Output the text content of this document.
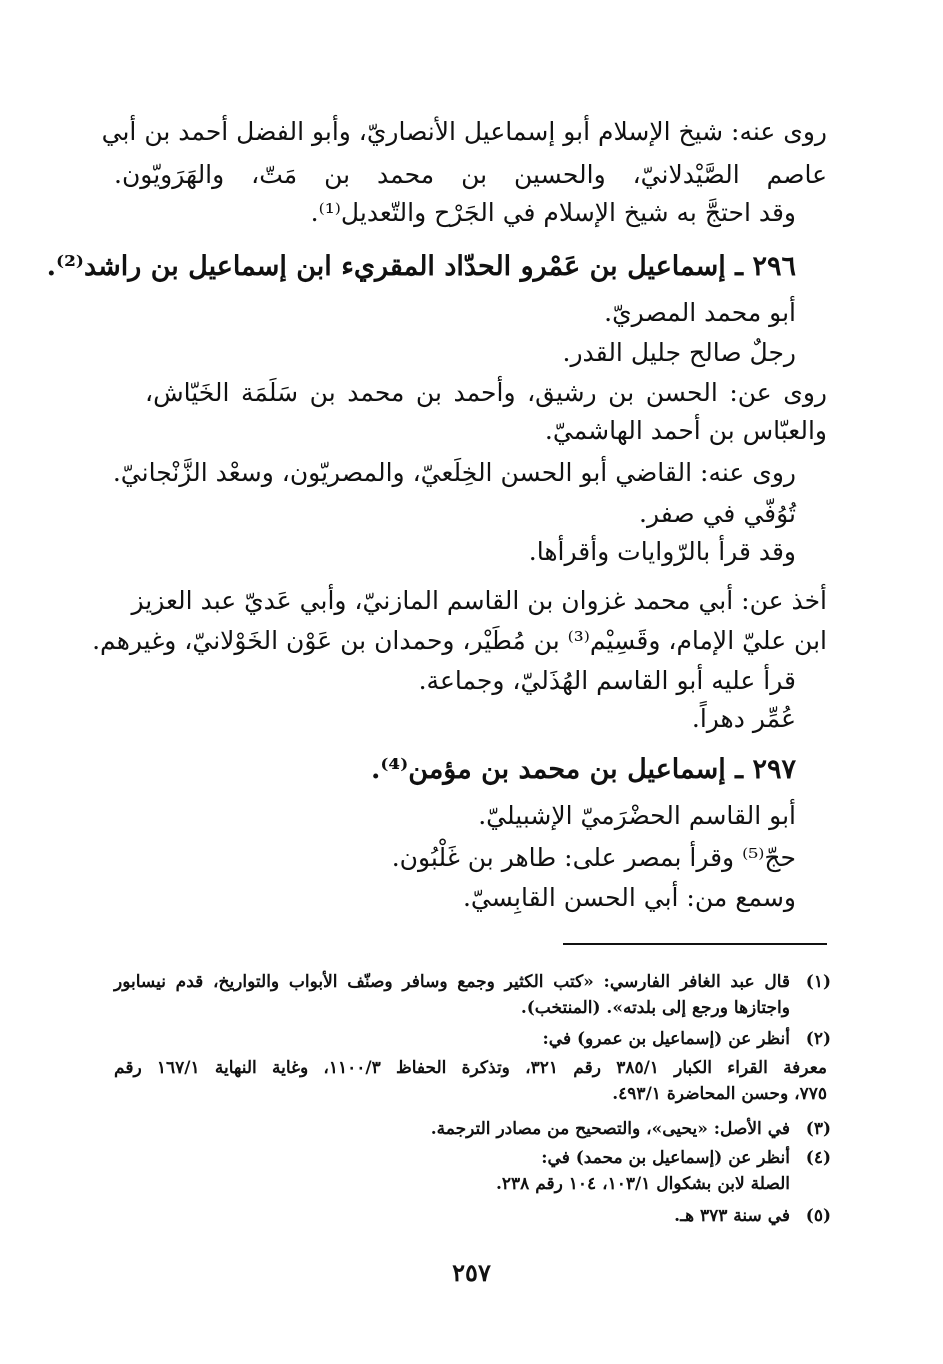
روى عنه: شيخ الإسلام أبو إسماعيل الأنصاريّ، وأبو الفضل أحمد بن أبي
عاصم الصَّيْدلانيّ، والحسين بن محمد بن مَتّ، والهَرَويّون.
وقد احتجَّ به شيخ الإسلام في الجَرْح والتّعديل⁽¹⁾.
٢٩٦ ـ إسماعيل بن عَمْرو الحدّاد المقريء ابن إسماعيل بن راشد⁽²⁾.
أبو محمد المصريّ.
رجلٌ صالح جليل القدر.
روى عن: الحسن بن رشيق، وأحمد بن محمد بن سَلَمَة الخَيّاش،
والعبّاس بن أحمد الهاشميّ.
روى عنه: القاضي أبو الحسن الخِلَعيّ، والمصريّون، وسعْد الزَّنْجانيّ.
تُوُفّي في صفر.
وقد قرأ بالرّوايات وأقرأها.
أخذ عن: أبي محمد غزوان بن القاسم المازنيّ، وأبي عَديّ عبد العزيز
ابن عليّ الإمام، وقَسِيْم⁽³⁾ بن مُطَيْر، وحمدان بن عَوْن الخَوْلانيّ، وغيرهم.
قرأ عليه أبو القاسم الهُذَليّ، وجماعة.
عُمِّر دهراً.
٢٩٧ ـ إسماعيل بن محمد بن مؤمن⁽⁴⁾.
أبو القاسم الحضْرَميّ الإشبيليّ.
حجّ⁽⁵⁾ وقرأ بمصر على: طاهر بن غَلْبُون.
وسمع من: أبي الحسن القابِسيّ.
(١)
قال عبد الغافر الفارسي: «كتب الكثير وجمع وسافر وصنّف الأبواب والتواريخ، قدم نيسابور
واجتازها ورجع إلى بلدته». (المنتخب).
(٢)
أنظر عن (إسماعيل بن عمرو) في:
معرفة القراء الكبار ٣٨٥/١ رقم ٣٢١، وتذكرة الحفاظ ١١٠٠/٣، وغاية النهاية ١٦٧/١ رقم
٧٧٥، وحسن المحاضرة ٤٩٣/١.
(٣)
في الأصل: «يحيى»، والتصحيح من مصادر الترجمة.
(٤)
أنظر عن (إسماعيل بن محمد) في:
الصلة لابن بشكوال ١٠٣/١، ١٠٤ رقم ٢٣٨.
(٥)
في سنة ٣٧٣ هـ.
٢٥٧
